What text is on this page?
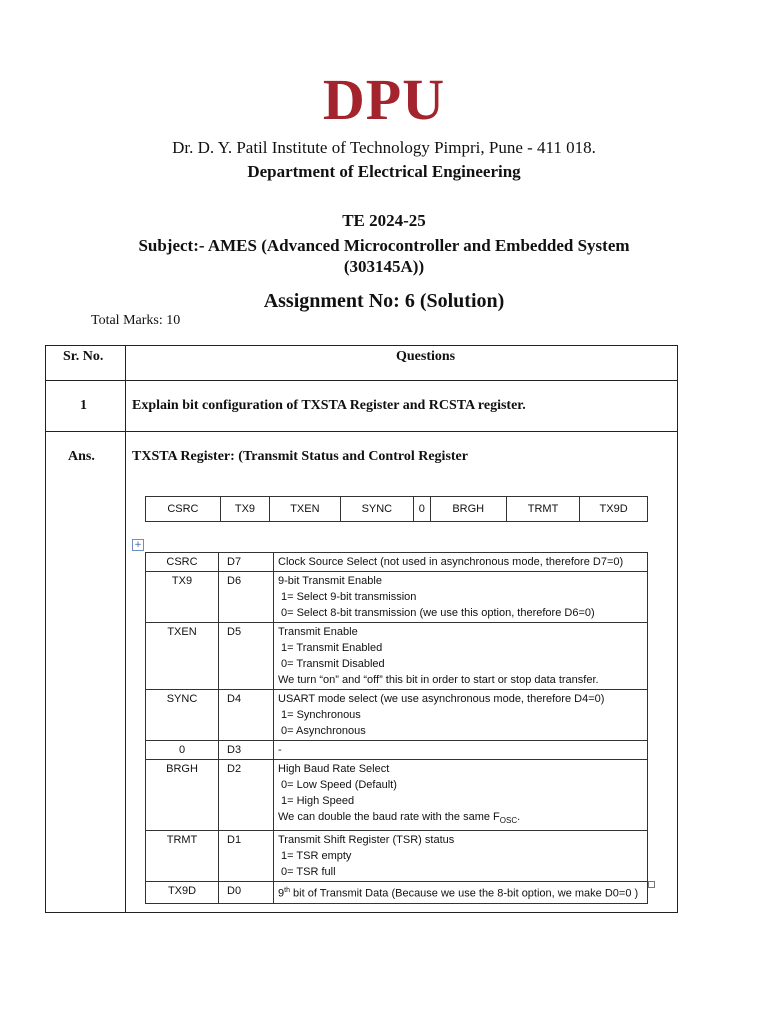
DPU
Dr. D. Y. Patil Institute of Technology Pimpri, Pune - 411 018.
Department of Electrical Engineering
TE 2024-25
Subject:- AMES (Advanced Microcontroller and Embedded System
(303145A))
Assignment No: 6 (Solution)
Total Marks: 10
Sr. No.	Questions
1	Explain bit configuration of TXSTA Register and RCSTA register.
Ans.	TXSTA Register: (Transmit Status and Control Register
CSRC	TX9	TXEN	SYNC	0	BRGH	TRMT	TX9D
+
CSRC	D7	Clock Source Select (not used in asynchronous mode, therefore D7=0)

TX9	D6	9-bit Transmit Enable
1= Select 9-bit transmission
0= Select 8-bit transmission (we use this option, therefore D6=0)

TXEN	D5	Transmit Enable
1= Transmit Enabled
0= Transmit Disabled
We turn “on” and “off” this bit in order to start or stop data transfer.

SYNC	D4	USART mode select (we use asynchronous mode, therefore D4=0)
1= Synchronous
0= Asynchronous

0	D3	-

BRGH	D2	High Baud Rate Select
0= Low Speed (Default)
1= High Speed
We can double the baud rate with the same $F_{OSC}$.

TRMT	D1	Transmit Shift Register (TSR) status
1= TSR empty
0= TSR full

TX9D	D0	9th bit of Transmit Data (Because we use the 8-bit option, we make D0=0 )
